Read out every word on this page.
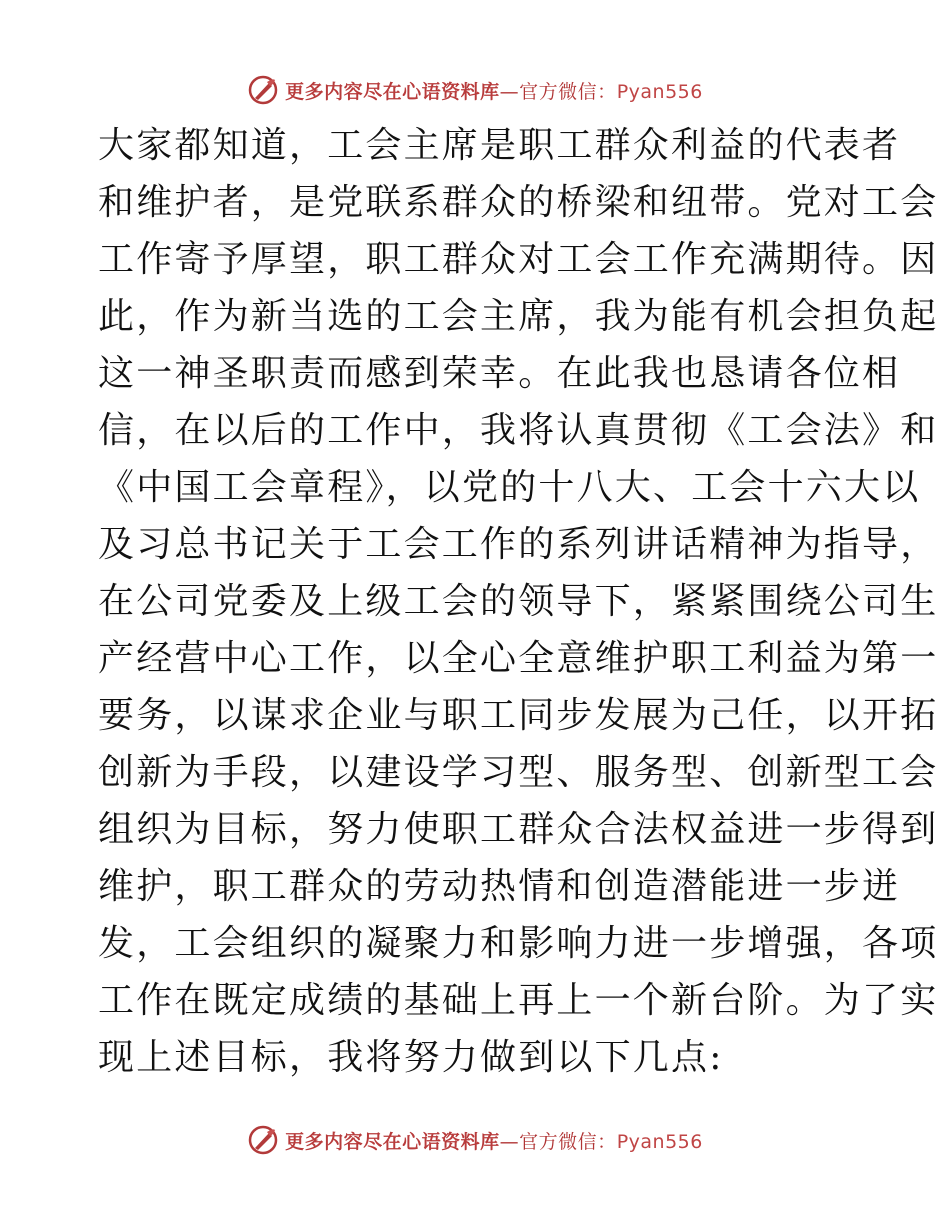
更多内容尽在心语资料库—官方微信：Pyan556
大家都知道，工会主席是职工群众利益的代表者
和维护者，是党联系群众的桥梁和纽带。党对工会
工作寄予厚望，职工群众对工会工作充满期待。因
此，作为新当选的工会主席，我为能有机会担负起
这一神圣职责而感到荣幸。在此我也恳请各位相
信，在以后的工作中，我将认真贯彻《工会法》和
《中国工会章程》，以党的十八大、工会十六大以
及习总书记关于工会工作的系列讲话精神为指导，
在公司党委及上级工会的领导下，紧紧围绕公司生
产经营中心工作，以全心全意维护职工利益为第一
要务，以谋求企业与职工同步发展为己任，以开拓
创新为手段，以建设学习型、服务型、创新型工会
组织为目标，努力使职工群众合法权益进一步得到
维护，职工群众的劳动热情和创造潜能进一步迸
发，工会组织的凝聚力和影响力进一步增强，各项
工作在既定成绩的基础上再上一个新台阶。为了实
现上述目标，我将努力做到以下几点:
更多内容尽在心语资料库—官方微信：Pyan556
